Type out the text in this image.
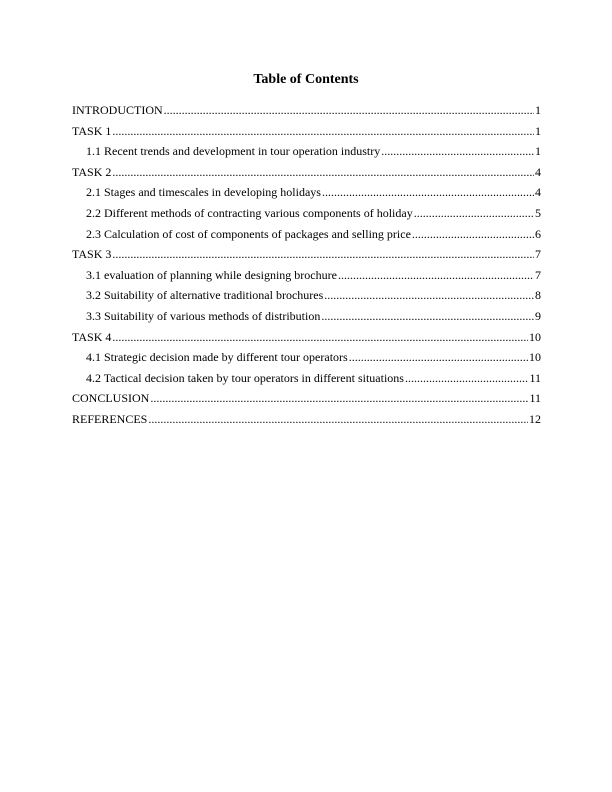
Table of Contents
INTRODUCTION .....	1
TASK 1 .....	1
1.1 Recent trends and development in tour operation industry .....	1
TASK 2 .....	4
2.1 Stages and timescales in developing holidays .....	4
2.2 Different methods of contracting various components of holiday .....	5
2.3 Calculation of cost of components of packages and selling price .....	6
TASK 3 .....	7
3.1 evaluation of planning while designing brochure .....	7
3.2 Suitability of alternative traditional brochures .....	8
3.3 Suitability of various methods of distribution .....	9
TASK 4 .....	10
4.1 Strategic decision made by different tour operators .....	10
4.2 Tactical decision taken by tour operators in different situations .....	11
CONCLUSION .....	11
REFERENCES .....	12
